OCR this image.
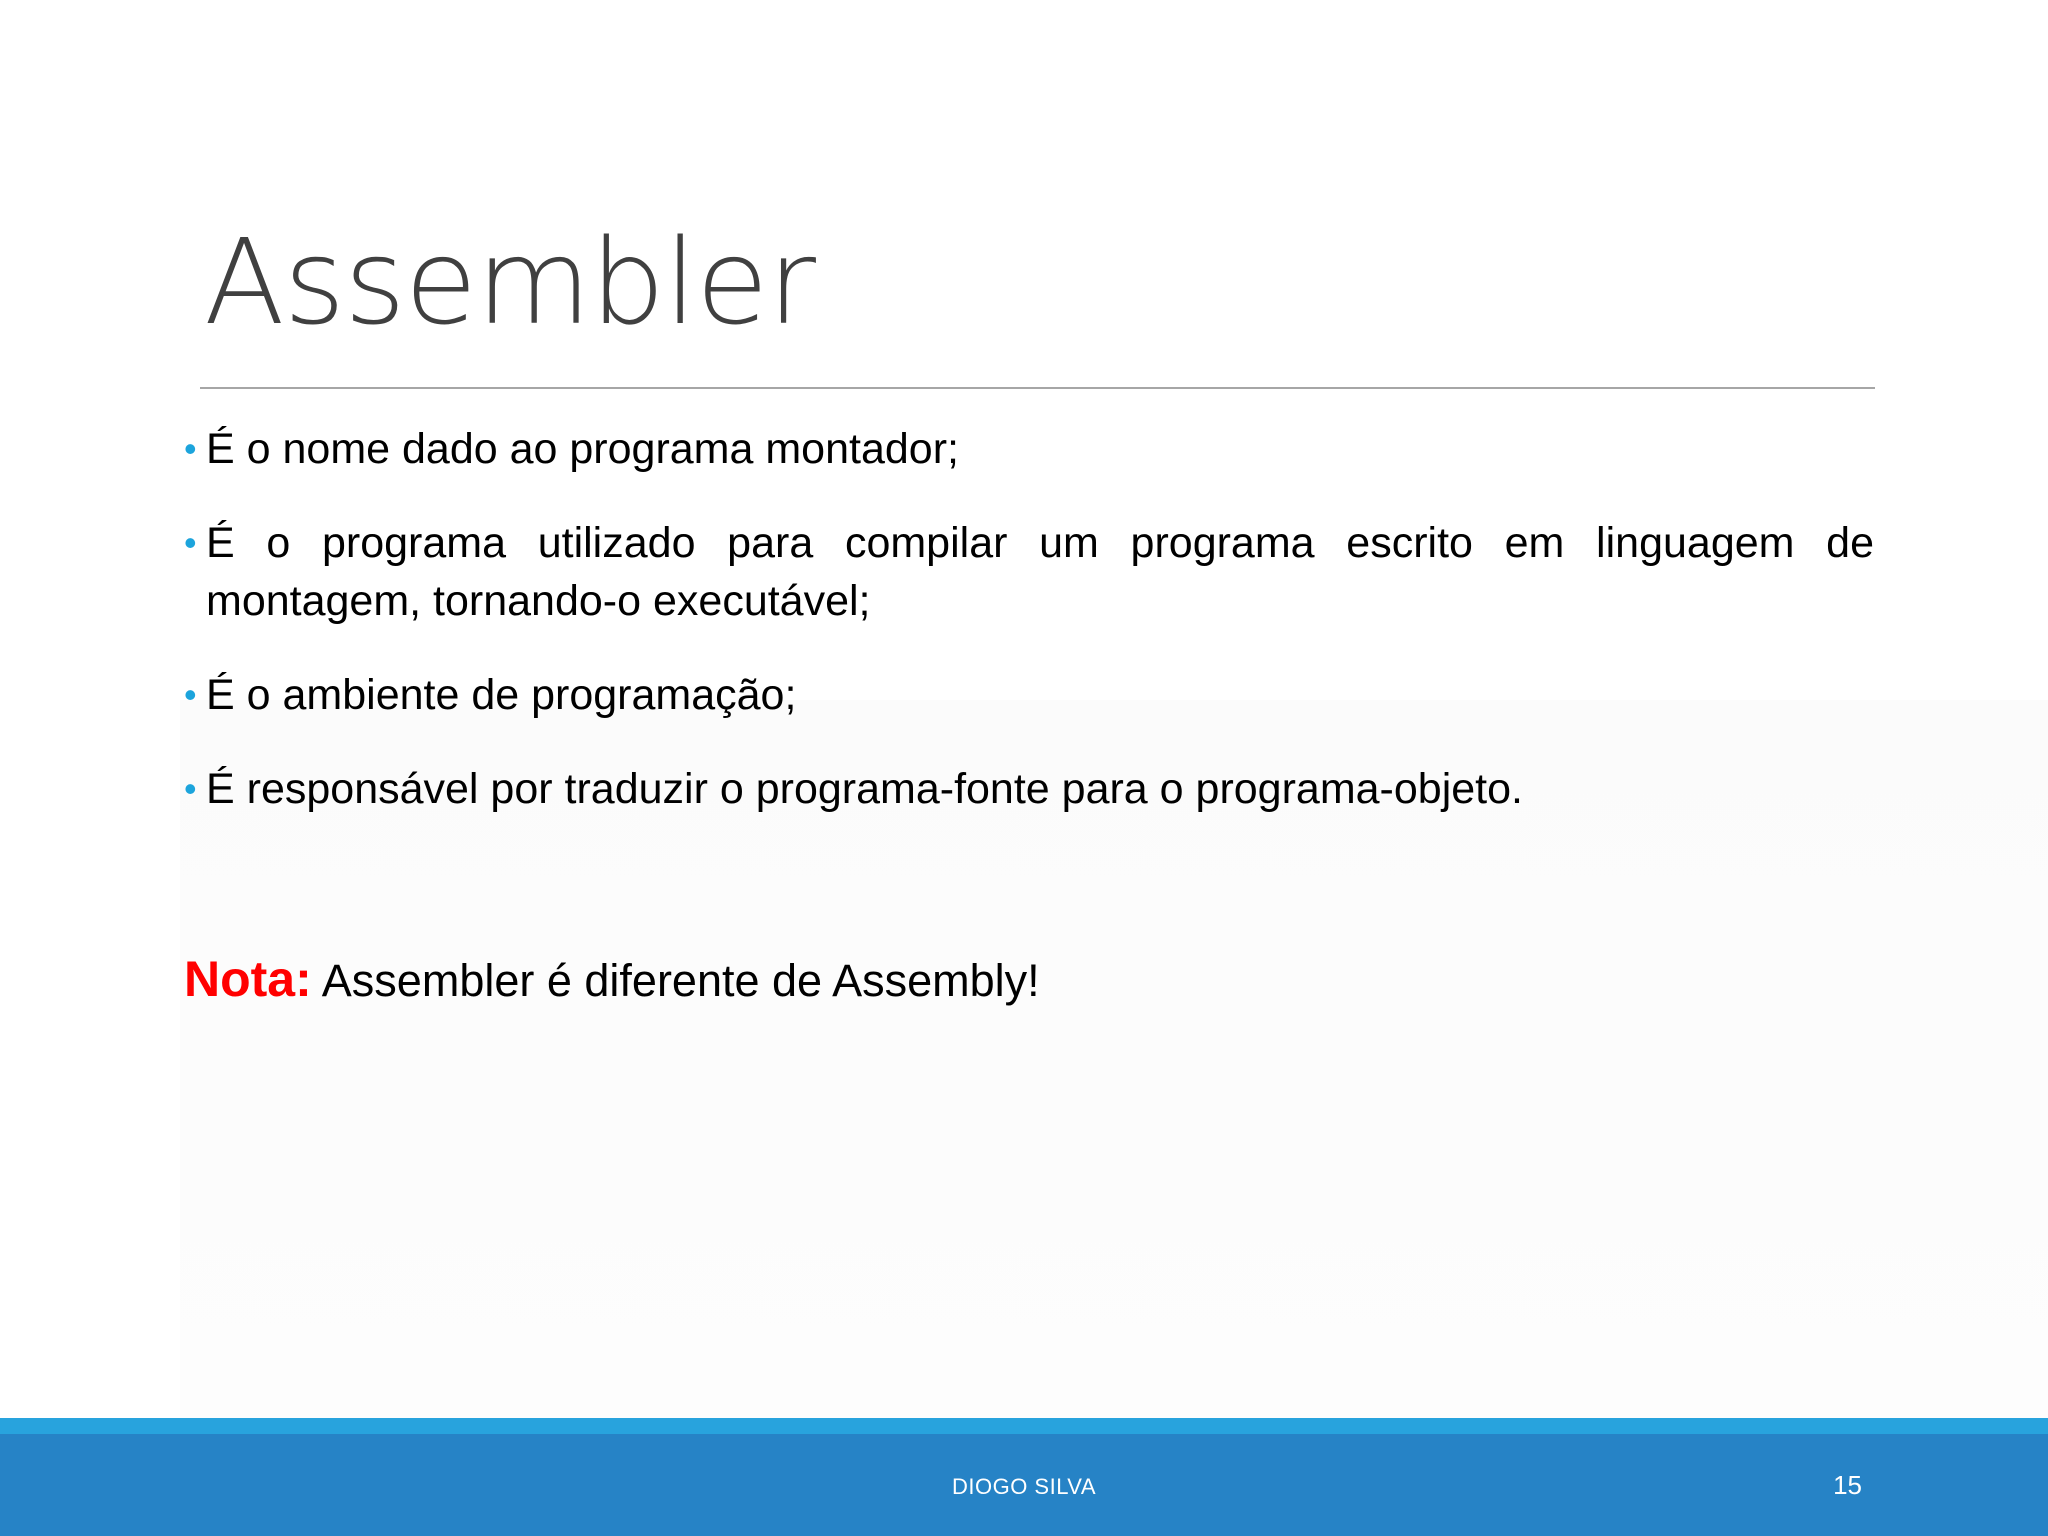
Assembler
• É o nome dado ao programa montador;
• É o programa utilizado para compilar um programa escrito em linguagem de montagem, tornando-o executável;
• É o ambiente de programação;
• É responsável por traduzir o programa-fonte para o programa-objeto.
Nota: Assembler é diferente de Assembly!
DIOGO SILVA	15
